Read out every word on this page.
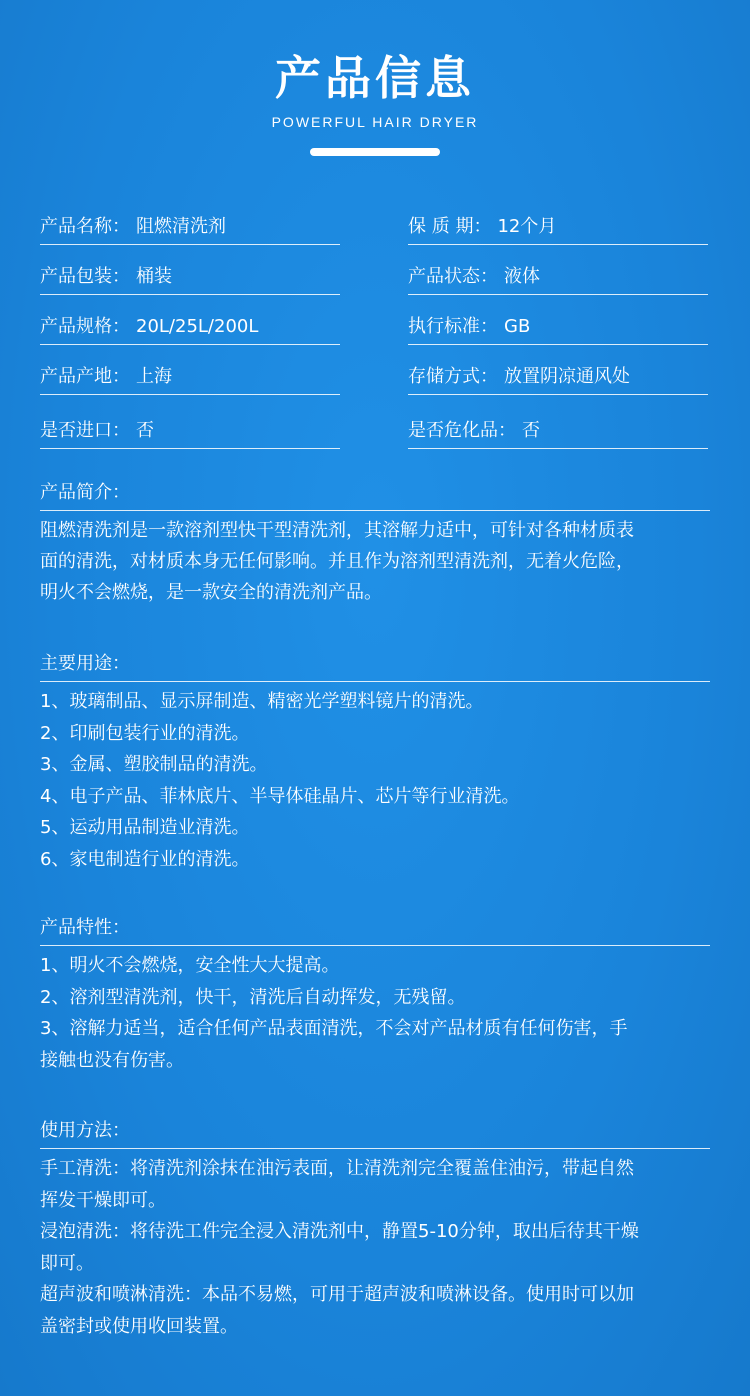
产品信息
POWERFUL HAIR DRYER
产品名称： 阻燃清洗剂	保 质 期： 12个月
产品包装： 桶装	产品状态： 液体
产品规格： 20L/25L/200L	执行标准： GB
产品产地： 上海	存储方式： 放置阴凉通风处
是否进口： 否	是否危化品： 否
产品简介：
阻燃清洗剂是一款溶剂型快干型清洗剂，其溶解力适中，可针对各种材质表
面的清洗，对材质本身无任何影响。并且作为溶剂型清洗剂，无着火危险，
明火不会燃烧，是一款安全的清洗剂产品。
主要用途：
1、玻璃制品、显示屏制造、精密光学塑料镜片的清洗。
2、印刷包装行业的清洗。
3、金属、塑胶制品的清洗。
4、电子产品、菲林底片、半导体硅晶片、芯片等行业清洗。
5、运动用品制造业清洗。
6、家电制造行业的清洗。
产品特性：
1、明火不会燃烧，安全性大大提高。
2、溶剂型清洗剂，快干，清洗后自动挥发，无残留。
3、溶解力适当，适合任何产品表面清洗，不会对产品材质有任何伤害，手
接触也没有伤害。
使用方法：
手工清洗：将清洗剂涂抹在油污表面，让清洗剂完全覆盖住油污，带起自然
挥发干燥即可。
浸泡清洗：将待洗工件完全浸入清洗剂中，静置5-10分钟，取出后待其干燥
即可。
超声波和喷淋清洗：本品不易燃，可用于超声波和喷淋设备。使用时可以加
盖密封或使用收回装置。
